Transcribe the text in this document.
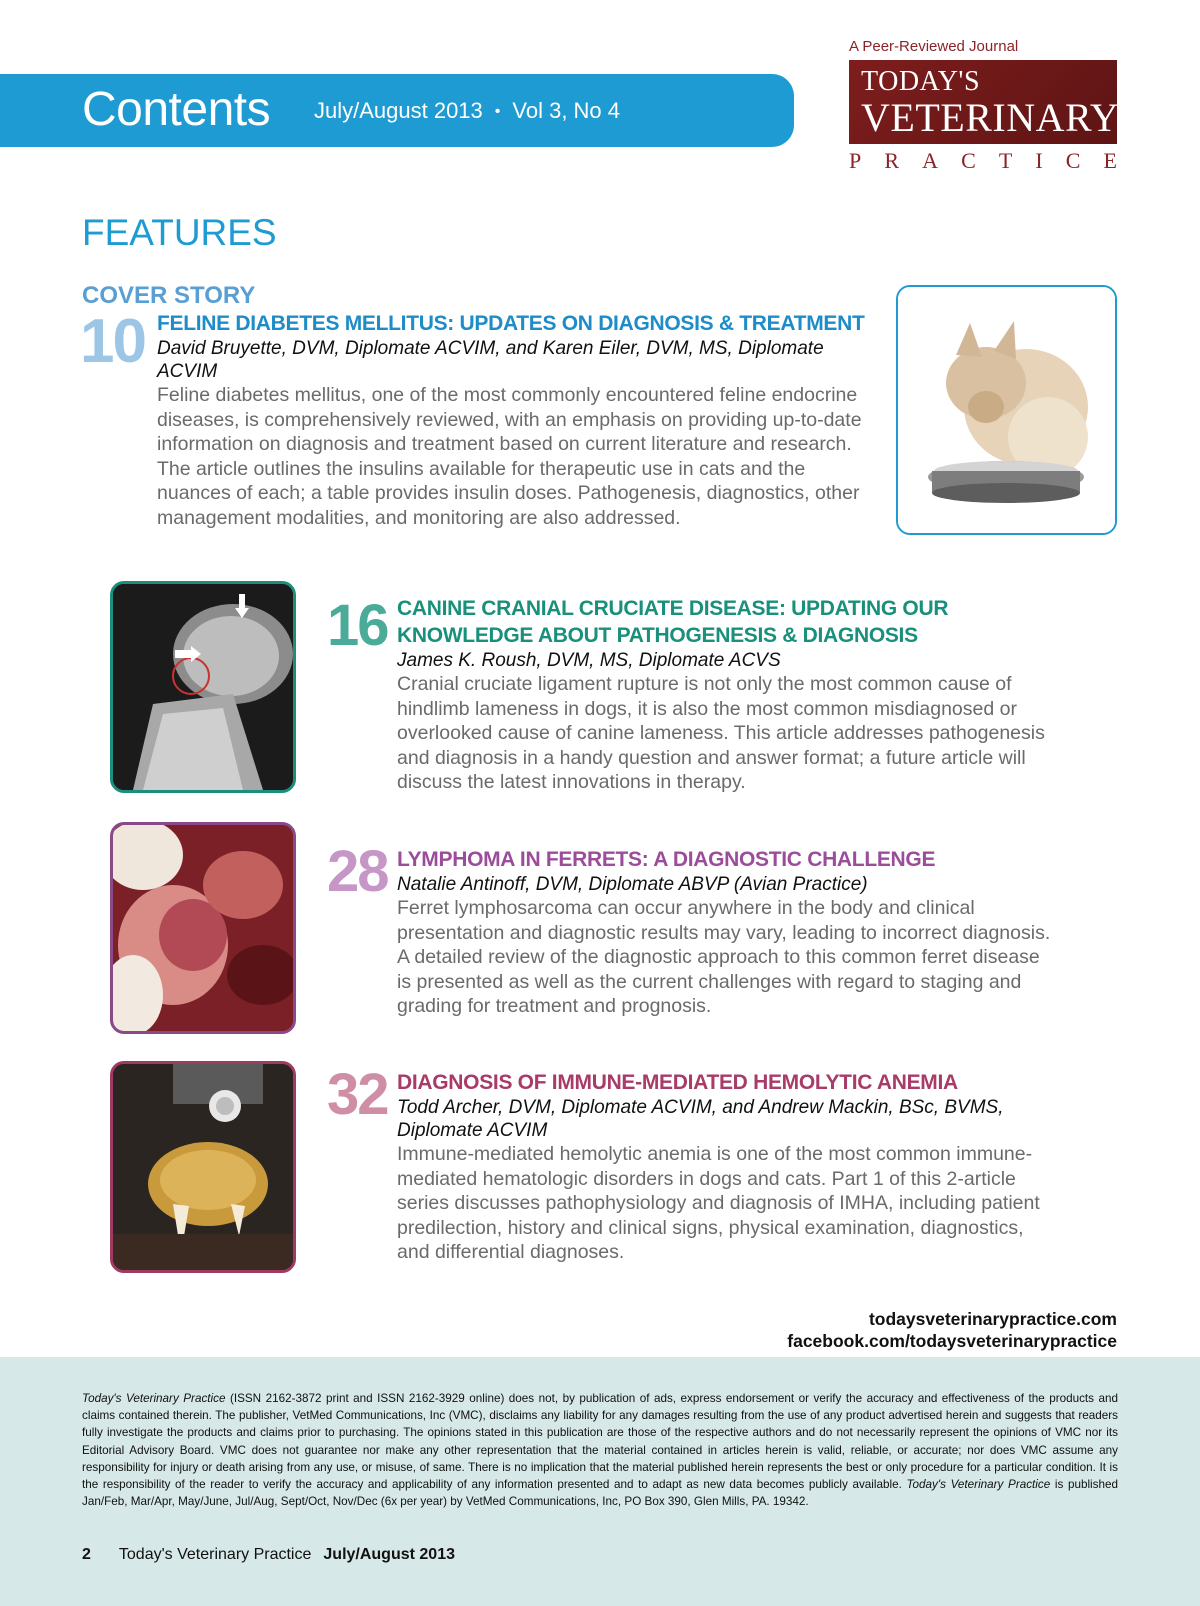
Contents July/August 2013 • Vol 3, No 4
A Peer-Reviewed Journal
TODAY'S
VETERINARY
P R A C T I C E
FEATURES
COVER STORY
10 FELINE DIABETES MELLITUS: UPDATES ON DIAGNOSIS & TREATMENT
David Bruyette, DVM, Diplomate ACVIM, and Karen Eiler, DVM, MS, Diplomate ACVIM
Feline diabetes mellitus, one of the most commonly encountered feline endocrine diseases, is comprehensively reviewed, with an emphasis on providing up-to-date information on diagnosis and treatment based on current literature and research. The article outlines the insulins available for therapeutic use in cats and the nuances of each; a table provides insulin doses. Pathogenesis, diagnostics, other management modalities, and monitoring are also addressed.
16 CANINE CRANIAL CRUCIATE DISEASE: UPDATING OUR KNOWLEDGE ABOUT PATHOGENESIS & DIAGNOSIS
James K. Roush, DVM, MS, Diplomate ACVS
Cranial cruciate ligament rupture is not only the most common cause of hindlimb lameness in dogs, it is also the most common misdiagnosed or overlooked cause of canine lameness. This article addresses pathogenesis and diagnosis in a handy question and answer format; a future article will discuss the latest innovations in therapy.
28 LYMPHOMA IN FERRETS: A DIAGNOSTIC CHALLENGE
Natalie Antinoff, DVM, Diplomate ABVP (Avian Practice)
Ferret lymphosarcoma can occur anywhere in the body and clinical presentation and diagnostic results may vary, leading to incorrect diagnosis. A detailed review of the diagnostic approach to this common ferret disease is presented as well as the current challenges with regard to staging and grading for treatment and prognosis.
32 DIAGNOSIS OF IMMUNE-MEDIATED HEMOLYTIC ANEMIA
Todd Archer, DVM, Diplomate ACVIM, and Andrew Mackin, BSc, BVMS, Diplomate ACVIM
Immune-mediated hemolytic anemia is one of the most common immune-mediated hematologic disorders in dogs and cats. Part 1 of this 2-article series discusses pathophysiology and diagnosis of IMHA, including patient predilection, history and clinical signs, physical examination, diagnostics, and differential diagnoses.
todaysveterinarypractice.com
facebook.com/todaysveterinarypractice
Today's Veterinary Practice (ISSN 2162-3872 print and ISSN 2162-3929 online) does not, by publication of ads, express endorsement or verify the accuracy and effectiveness of the products and claims contained therein. The publisher, VetMed Communications, Inc (VMC), disclaims any liability for any damages resulting from the use of any product advertised herein and suggests that readers fully investigate the products and claims prior to purchasing. The opinions stated in this publication are those of the respective authors and do not necessarily represent the opinions of VMC nor its Editorial Advisory Board. VMC does not guarantee nor make any other representation that the material contained in articles herein is valid, reliable, or accurate; nor does VMC assume any responsibility for injury or death arising from any use, or misuse, of same. There is no implication that the material published herein represents the best or only procedure for a particular condition. It is the responsibility of the reader to verify the accuracy and applicability of any information presented and to adapt as new data becomes publicly available. Today's Veterinary Practice is published Jan/Feb, Mar/Apr, May/June, Jul/Aug, Sept/Oct, Nov/Dec (6x per year) by VetMed Communications, Inc, PO Box 390, Glen Mills, PA. 19342.
2 Today's Veterinary Practice July/August 2013
